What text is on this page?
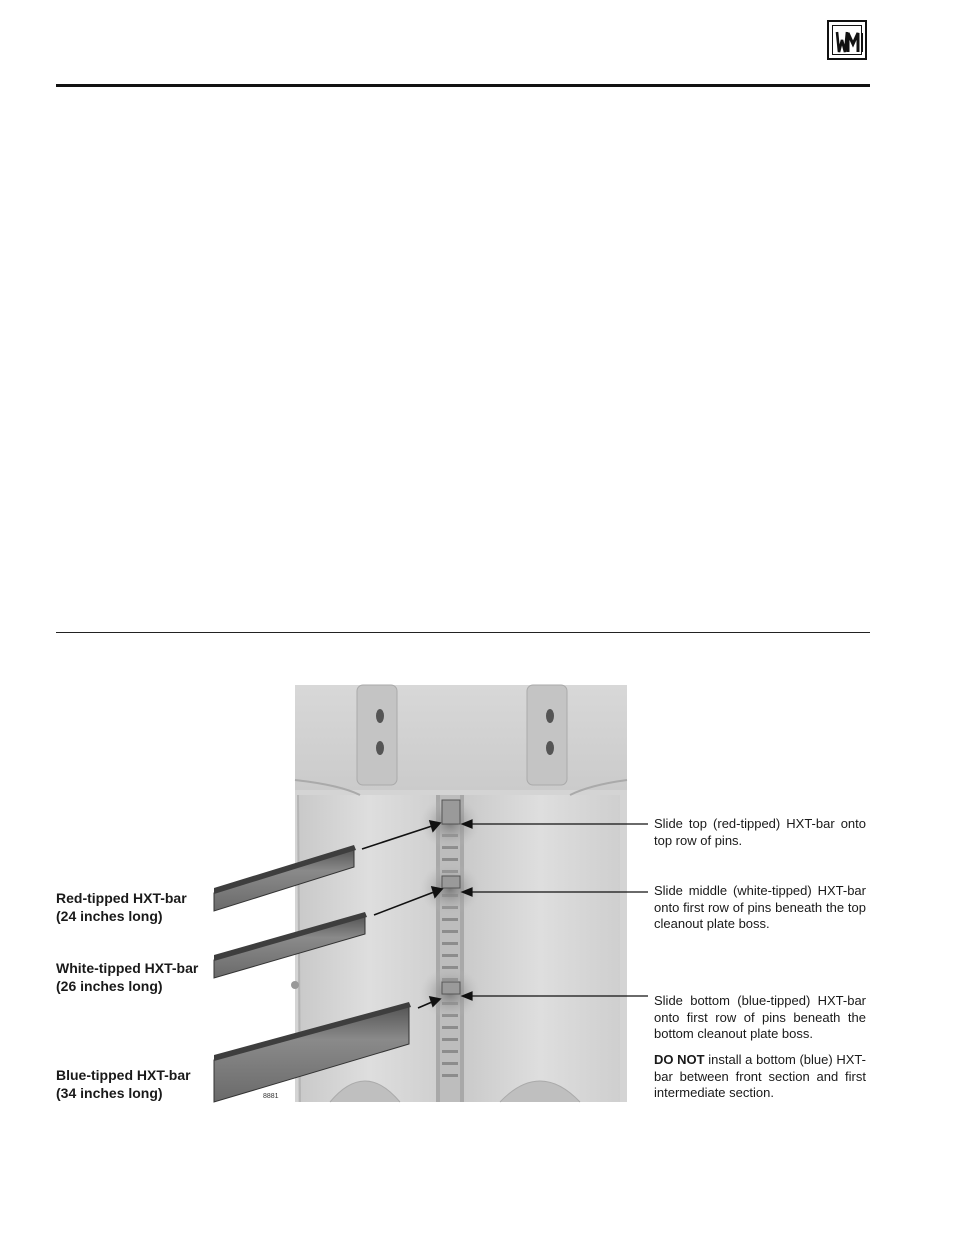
8881
Red-tipped HXT-bar
(24 inches long)
White-tipped HXT-bar
(26 inches long)
Blue-tipped HXT-bar
(34 inches long)
Slide top (red-tipped) HXT-bar onto top row of pins.
Slide middle (white-tipped) HXT-bar onto first row of pins beneath the top cleanout plate boss.
Slide bottom (blue-tipped) HXT-bar onto first row of pins beneath the bottom cleanout plate boss.
DO NOT install a bottom (blue) HXT-bar between front section and first intermediate section.
